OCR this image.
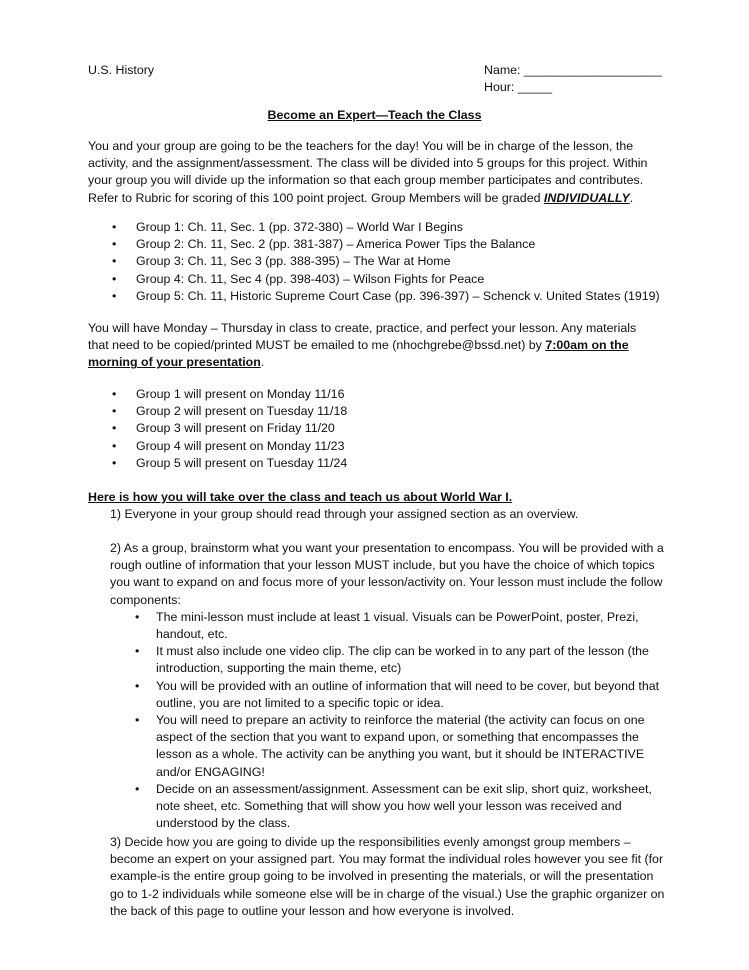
U.S. History	Name: ____________________
Hour: _____
Become an Expert—Teach the Class
You and your group are going to be the teachers for the day! You will be in charge of the lesson, the activity, and the assignment/assessment. The class will be divided into 5 groups for this project. Within your group you will divide up the information so that each group member participates and contributes. Refer to Rubric for scoring of this 100 point project. Group Members will be graded INDIVIDUALLY.
• Group 1: Ch. 11, Sec. 1 (pp. 372-380) – World War I Begins
• Group 2: Ch. 11, Sec. 2 (pp. 381-387) – America Power Tips the Balance
• Group 3: Ch. 11, Sec 3 (pp. 388-395) – The War at Home
• Group 4: Ch. 11, Sec 4 (pp. 398-403) – Wilson Fights for Peace
• Group 5: Ch. 11, Historic Supreme Court Case (pp. 396-397) – Schenck v. United States (1919)
You will have Monday – Thursday in class to create, practice, and perfect your lesson. Any materials that need to be copied/printed MUST be emailed to me (nhochgrebe@bssd.net) by 7:00am on the morning of your presentation.
• Group 1 will present on Monday 11/16
• Group 2 will present on Tuesday 11/18
• Group 3 will present on Friday 11/20
• Group 4 will present on Monday 11/23
• Group 5 will present on Tuesday 11/24
Here is how you will take over the class and teach us about World War I.
1) Everyone in your group should read through your assigned section as an overview.
2) As a group, brainstorm what you want your presentation to encompass. You will be provided with a rough outline of information that your lesson MUST include, but you have the choice of which topics you want to expand on and focus more of your lesson/activity on. Your lesson must include the follow components:
• The mini-lesson must include at least 1 visual. Visuals can be PowerPoint, poster, Prezi, handout, etc.
• It must also include one video clip. The clip can be worked in to any part of the lesson (the introduction, supporting the main theme, etc)
• You will be provided with an outline of information that will need to be cover, but beyond that outline, you are not limited to a specific topic or idea.
• You will need to prepare an activity to reinforce the material (the activity can focus on one aspect of the section that you want to expand upon, or something that encompasses the lesson as a whole. The activity can be anything you want, but it should be INTERACTIVE and/or ENGAGING!
• Decide on an assessment/assignment. Assessment can be exit slip, short quiz, worksheet, note sheet, etc. Something that will show you how well your lesson was received and understood by the class.
3) Decide how you are going to divide up the responsibilities evenly amongst group members – become an expert on your assigned part. You may format the individual roles however you see fit (for example-is the entire group going to be involved in presenting the materials, or will the presentation go to 1-2 individuals while someone else will be in charge of the visual.) Use the graphic organizer on the back of this page to outline your lesson and how everyone is involved.
